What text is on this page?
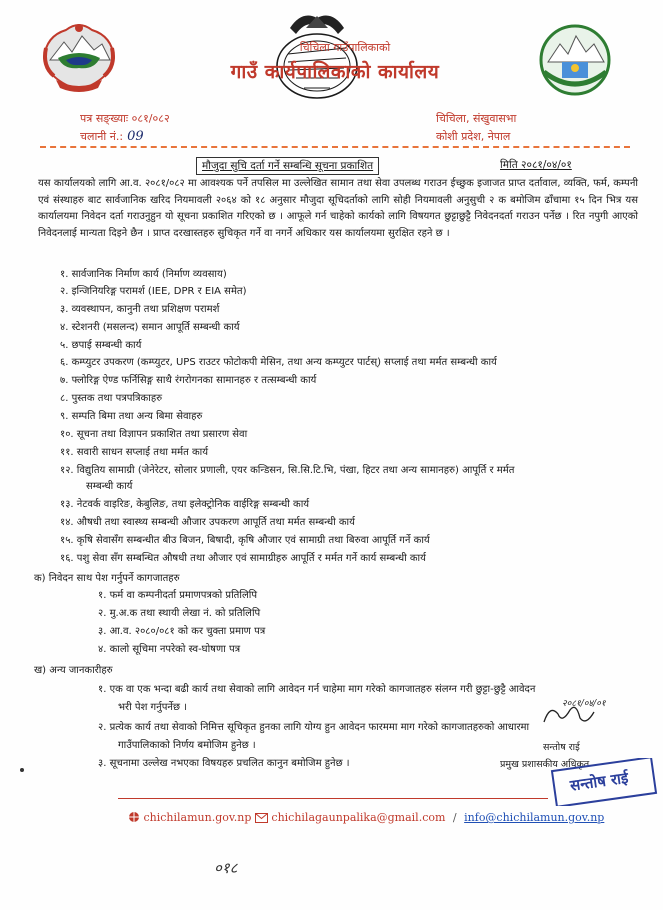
चिचिला गाउँपालिकाको
गाउँ कार्यपालिकाको कार्यालय
पत्र सङ्ख्याः ०८१/०८२
चलानी नं.: 09
चिचिला, संखुवासभा
कोशी प्रदेश, नेपाल
मौजुदा सुचि दर्ता गर्ने सम्बन्धि सूचना प्रकाशित	मिति २०८१/०४/०१
यस कार्यालयको लागि आ.व. २०८१/०८२ मा आवश्यक पर्ने तपसिल मा उल्लेखित सामान तथा सेवा उपलब्ध गराउन ईच्छुक इजाजत प्राप्त दर्तावाल, व्यक्ति, फर्म, कम्पनी एवं संस्थाहरु बाट सार्वजानिक खरिद नियमावली २०६४ को १८ अनुसार मौजुदा सूचिदर्ताको लागि सोही नियमावली अनुसुची २ क बमोजिम ढाँचामा १५ दिन भित्र यस कार्यालयमा निवेदन दर्ता गराउनुहुन यो सूचना प्रकाशित गरिएको छ । आफूले गर्न चाहेको कार्यको लागि विषयगत छुट्टाछुट्टै निवेदनदर्ता गराउन पर्नेछ । रित नपुगी आएको निवेदनलाई मान्यता दिइने छैन । प्राप्त दरखास्तहरु सुचिकृत गर्ने वा नगर्ने अधिकार यस कार्यालयमा सुरक्षित रहने छ ।
१. सार्वजानिक निर्माण कार्य (निर्माण व्यवसाय)
२. इन्जिनियरिङ्ग परामर्श (IEE, DPR र EIA समेत)
३. व्यवस्थापन, कानुनी तथा प्रशिक्षण परामर्श
४. स्टेशनरी (मसलन्द) समान आपूर्ति सम्बन्धी कार्य
५. छपाई सम्बन्धी कार्य
६. कम्प्युटर उपकरण (कम्प्युटर, UPS राउटर फोटोकपी मेसिन, तथा अन्य कम्प्युटर पार्टस्) सप्लाई तथा मर्मत सम्बन्धी कार्य
७. फ्लोरिङ्ग ऐण्ड फर्निसिङ्ग साथै रंगरोगनका सामानहरु र तत्सम्बन्धी कार्य
८. पुस्तक तथा पत्रपत्रिकाहरु
९. सम्पति बिमा तथा अन्य बिमा सेवाहरु
१०. सूचना तथा विज्ञापन प्रकाशित तथा प्रसारण सेवा
११. सवारी साधन सप्लाई तथा मर्मत कार्य
१२. विद्युतिय सामाग्री (जेनेरेटर, सोलार प्रणाली, एयर कन्डिसन, सि.सि.टि.भि, पंखा, हिटर तथा अन्य सामानहरु) आपूर्ति र मर्मत
सम्बन्धी कार्य
१३. नेटवर्क वाइरिङ, केबुलिङ, तथा इलेक्ट्रोनिक वाईरिङ्ग सम्बन्धी कार्य
१४. औषधी तथा स्वास्थ्य सम्बन्धी औजार उपकरण आपूर्ति तथा मर्मत सम्बन्धी कार्य
१५. कृषि सेवासँग सम्बन्धीत बीउ बिजन, बिषादी, कृषि औजार एवं सामाग्री तथा बिरुवा आपूर्ति गर्ने कार्य
१६. पशु सेवा सँग सम्बन्धित औषधी तथा औजार एवं सामाग्रीहरु आपूर्ति र मर्मत गर्ने कार्य सम्बन्धी कार्य
क) निवेदन साथ पेश गर्नुपर्ने कागजातहरु
१. फर्म वा कम्पनीदर्ता प्रमाणपत्रको प्रतिलिपि
२. मु.अ.क तथा स्थायी लेखा नं. को प्रतिलिपि
३. आ.व. २०८०/०८१ को कर चुक्ता प्रमाण पत्र
४. कालो सूचिमा नपरेको स्व-घोषणा पत्र
ख) अन्य जानकारीहरु
१. एक वा एक भन्दा बढी कार्य तथा सेवाको लागि आवेदन गर्न चाहेमा माग गरेको कागजातहरु संलग्न गरी छुट्टा-छुट्टै आवेदन
भरी पेश गर्नुपर्नेछ ।
२. प्रत्येक कार्य तथा सेवाको निमित्त सूचिकृत हुनका लागि योग्य हुन आवेदन फारममा माग गरेको कागजातहरुको आधारमा
गाउँपालिकाको निर्णय बमोजिम हुनेछ ।
३. सूचनामा उल्लेख नभएका विषयहरु प्रचलित कानुन बमोजिम हुनेछ ।
२०८१/०४/०१
सन्तोष राई
प्रमुख प्रशासकीय अधिकृत
सन्तोष राई
chichilamun.gov.np chichilagaunpalika@gmail.com / info@chichilamun.gov.np
०१८
